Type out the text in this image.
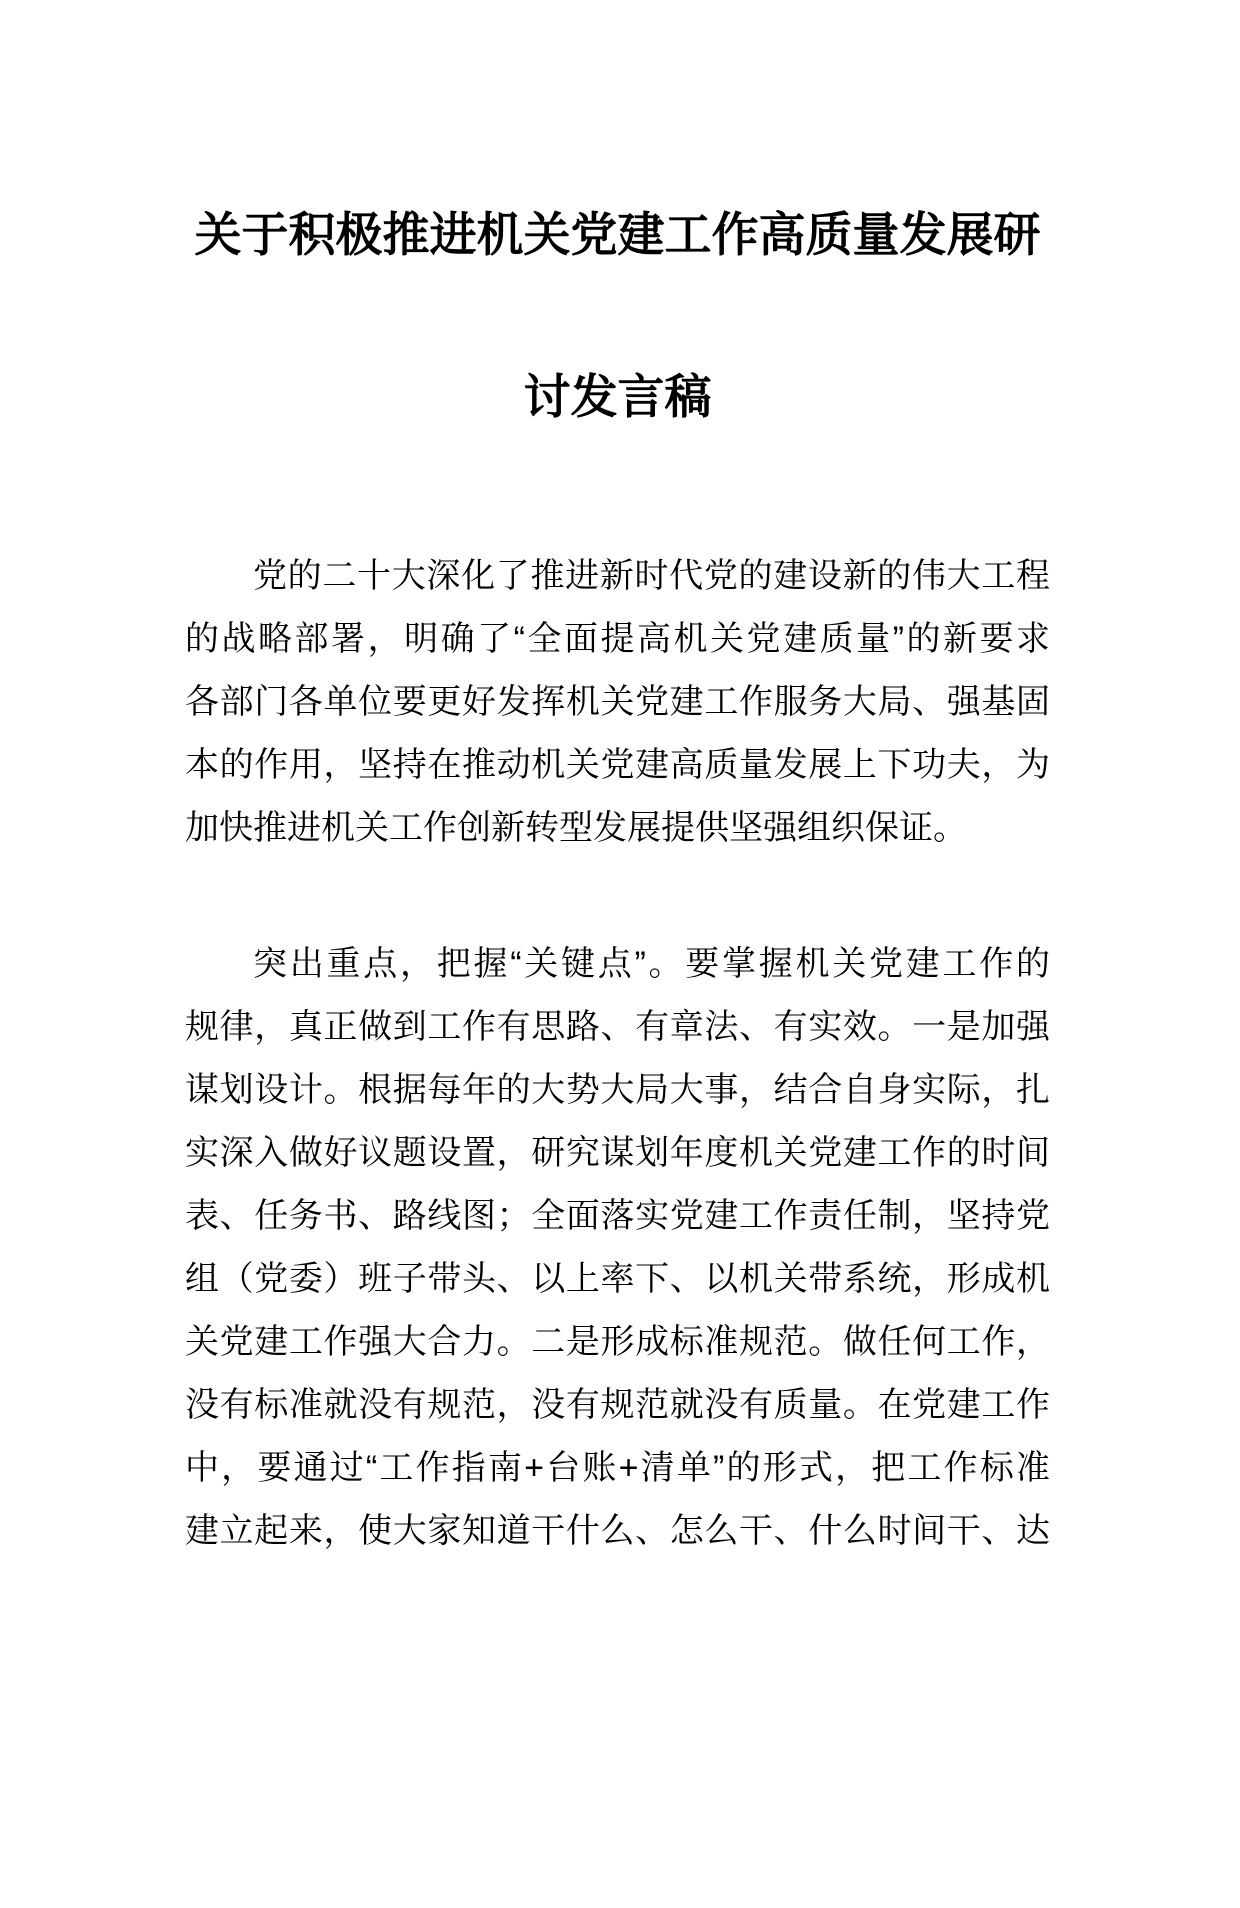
关于积极推进机关党建工作高质量发展研
讨发言稿
党的二十大深化了推进新时代党的建设新的伟大工程
的战略部署，明确了“全面提高机关党建质量”的新要求
各部门各单位要更好发挥机关党建工作服务大局、强基固
本的作用，坚持在推动机关党建高质量发展上下功夫，为
加快推进机关工作创新转型发展提供坚强组织保证。
突出重点，把握“关键点”。要掌握机关党建工作的
规律，真正做到工作有思路、有章法、有实效。一是加强
谋划设计。根据每年的大势大局大事，结合自身实际，扎
实深入做好议题设置，研究谋划年度机关党建工作的时间
表、任务书、路线图；全面落实党建工作责任制，坚持党
组（党委）班子带头、以上率下、以机关带系统，形成机
关党建工作强大合力。二是形成标准规范。做任何工作，
没有标准就没有规范，没有规范就没有质量。在党建工作
中，要通过“工作指南+台账+清单”的形式，把工作标准
建立起来，使大家知道干什么、怎么干、什么时间干、达
